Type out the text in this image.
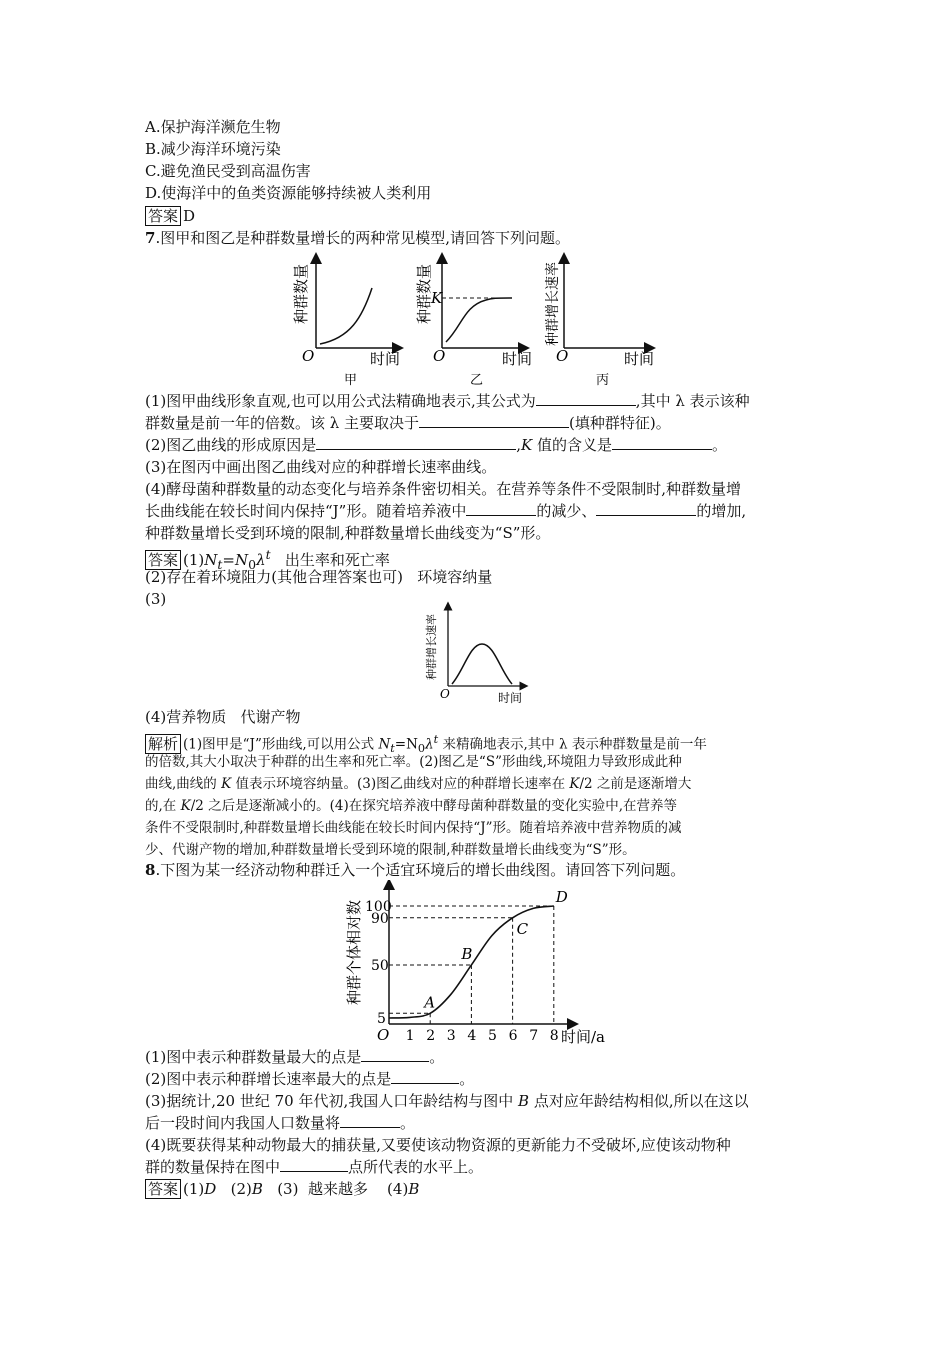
A.保护海洋濒危生物
B.减少海洋环境污染
C.避免渔民受到高温伤害
D.使海洋中的鱼类资源能够持续被人类利用
答案 D
7.图甲和图乙是种群数量增长的两种常见模型,请回答下列问题。
种群数量
O	时间
甲
种群数量
K
O	时间
乙
种群增长速率
O	时间
丙
(1)图甲曲线形象直观,也可以用公式法精确地表示,其公式为	,其中 λ 表示该种
群数量是前一年的倍数。该 λ 主要取决于	(填种群特征)。
(2)图乙曲线的形成原因是	,K 值的含义是	。
(3)在图丙中画出图乙曲线对应的种群增长速率曲线。
(4)酵母菌种群数量的动态变化与培养条件密切相关。在营养等条件不受限制时,种群数量增
长曲线能在较长时间内保持“J”形。随着培养液中	的减少、	的增加,
种群数量增长受到环境的限制,种群数量增长曲线变为“S”形。
答案 $(1)N_t=N_0\lambda^t$   出生率和死亡率
(2)存在着环境阻力(其他合理答案也可)   环境容纳量
(3)
种群增长速率
O	时间
(4)营养物质   代谢产物
解析 (1)图甲是“J”形曲线,可以用公式 $N_t=N_0\lambda^t$ 来精确地表示,其中 λ 表示种群数量是前一年
的倍数,其大小取决于种群的出生率和死亡率。(2)图乙是“S”形曲线,环境阻力导致形成此种
曲线,曲线的 K 值表示环境容纳量。(3)图乙曲线对应的种群增长速率在 K/2 之前是逐渐增大
的,在 K/2 之后是逐渐减小的。(4)在探究培养液中酵母菌种群数量的变化实验中,在营养等
条件不受限制时,种群数量增长曲线能在较长时间内保持“J”形。随着培养液中营养物质的减
少、代谢产物的增加,种群数量增长受到环境的限制,种群数量增长曲线变为“S”形。
8.下图为某一经济动物种群迁入一个适宜环境后的增长曲线图。请回答下列问题。
种群个体相对数
O	时间/a
1 2 3 4 5 6 7 8
5
50
90
100
A
B
C
D
(1)图中表示种群数量最大的点是	。
(2)图中表示种群增长速率最大的点是	。
(3)据统计,20 世纪 70 年代初,我国人口年龄结构与图中 B 点对应年龄结构相似,所以在这以
后一段时间内我国人口数量将	。
(4)既要获得某种动物最大的捕获量,又要使该动物资源的更新能力不受破坏,应使该动物种
群的数量保持在图中	点所代表的水平上。
答案 (1)D   (2)B   (3)  越来越多    (4)B
